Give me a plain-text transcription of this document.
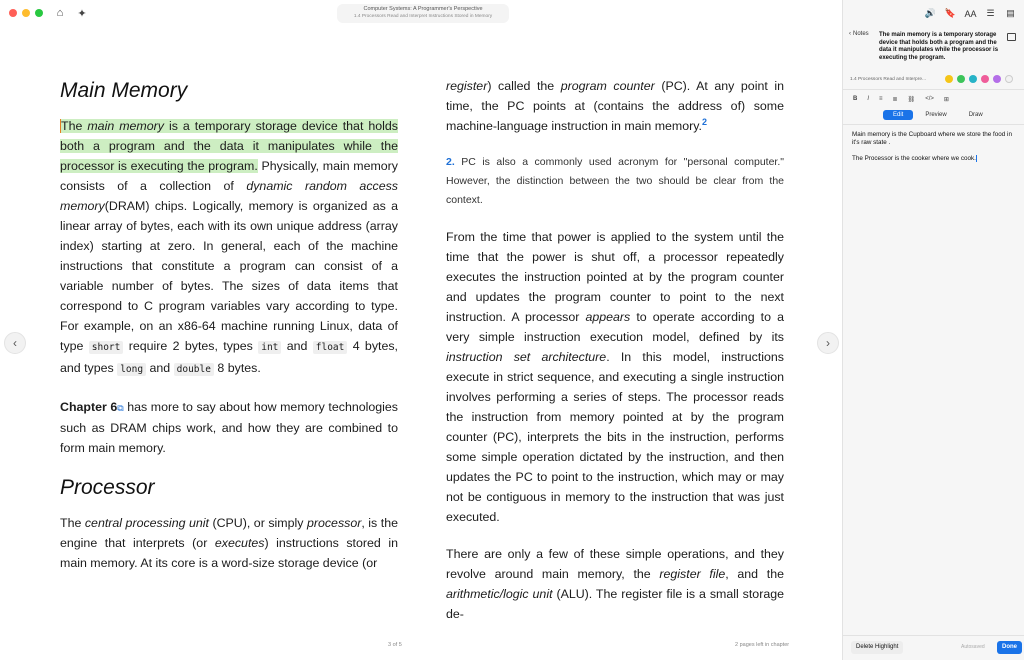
⌂	✦	Computer Systems: A Programmer's Perspective
1.4 Processors Read and Interpret Instructions Stored in Memory
‹	›
Main Memory

The main memory is a temporary storage device that holds both a program and the data it manipulates while the processor is executing the program. Physically, main memory consists of a collection of dynamic random access memory(DRAM) chips. Logically, memory is organized as a linear array of bytes, each with its own unique address (array index) starting at zero. In general, each of the machine instructions that constitute a program can consist of a variable number of bytes. The sizes of data items that correspond to C program variables vary according to type. For example, on an x86-64 machine running Linux, data of type short require 2 bytes, types int and float 4 bytes, and types long and double 8 bytes.

Chapter 6⧉ has more to say about how memory technologies such as DRAM chips work, and how they are combined to form main memory.

Processor

The central processing unit (CPU), or simply processor, is the engine that interprets (or executes) instructions stored in main memory. At its core is a word-size storage device (or

register) called the program counter (PC). At any point in time, the PC points at (contains the address of) some machine-language instruction in main memory.$^2$

2. PC is also a commonly used acronym for "personal computer." However, the distinction between the two should be clear from the context.

From the time that power is applied to the system until the time that the power is shut off, a processor repeatedly executes the instruction pointed at by the program counter and updates the program counter to point to the next instruction. A processor appears to operate according to a very simple instruction execution model, defined by its instruction set architecture. In this model, instructions execute in strict sequence, and executing a single instruction involves performing a series of steps. The processor reads the instruction from memory pointed at by the program counter (PC), interprets the bits in the instruction, performs some simple operation dictated by the instruction, and then updates the PC to point to the instruction, which may or may not be contiguous in memory to the instruction that was just executed.

There are only a few of these simple operations, and they revolve around main memory, the register file, and the arithmetic/logic unit (ALU). The register file is a small storage de-

3 of 5	2 pages left in chapter
🔊 🔖 AA	☰	▤
‹ Notes The main memory is a temporary storage device that holds both a program and the data it manipulates while the processor is executing the program.
1.4 Processors Read and Interpre...
B I ≡ ≣ ⛓ </> ⊞
Edit	Preview	Draw

Main memory is the Cupboard where we store the food in it's raw state .

The Processor is the cooker where we cook.

Delete Highlight	Autosaved	Done
